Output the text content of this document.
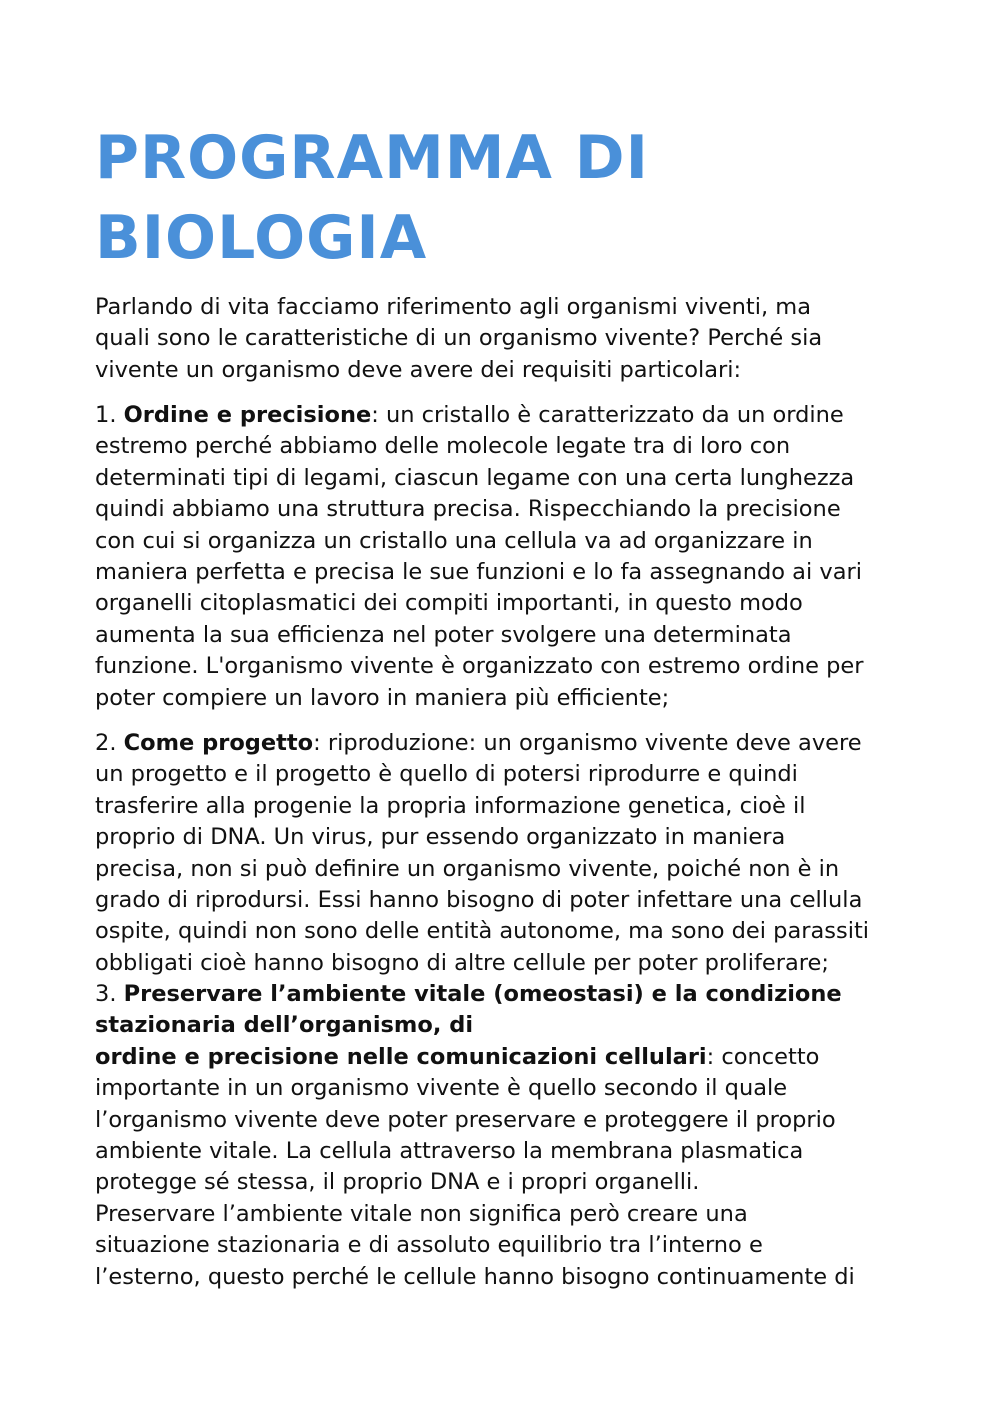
PROGRAMMA DI
BIOLOGIA
Parlando di vita facciamo riferimento agli organismi viventi, ma
quali sono le caratteristiche di un organismo vivente? Perché sia
vivente un organismo deve avere dei requisiti particolari:
1. Ordine e precisione: un cristallo è caratterizzato da un ordine
estremo perché abbiamo delle molecole legate tra di loro con
determinati tipi di legami, ciascun legame con una certa lunghezza
quindi abbiamo una struttura precisa. Rispecchiando la precisione
con cui si organizza un cristallo una cellula va ad organizzare in
maniera perfetta e precisa le sue funzioni e lo fa assegnando ai vari
organelli citoplasmatici dei compiti importanti, in questo modo
aumenta la sua efficienza nel poter svolgere una determinata
funzione. L'organismo vivente è organizzato con estremo ordine per
poter compiere un lavoro in maniera più efficiente;
2. Come progetto: riproduzione: un organismo vivente deve avere
un progetto e il progetto è quello di potersi riprodurre e quindi
trasferire alla progenie la propria informazione genetica, cioè il
proprio di DNA. Un virus, pur essendo organizzato in maniera
precisa, non si può definire un organismo vivente, poiché non è in
grado di riprodursi. Essi hanno bisogno di poter infettare una cellula
ospite, quindi non sono delle entità autonome, ma sono dei parassiti
obbligati cioè hanno bisogno di altre cellule per poter proliferare;
3. Preservare l’ambiente vitale (omeostasi) e la condizione
stazionaria dell’organismo, di
ordine e precisione nelle comunicazioni cellulari: concetto
importante in un organismo vivente è quello secondo il quale
l’organismo vivente deve poter preservare e proteggere il proprio
ambiente vitale. La cellula attraverso la membrana plasmatica
protegge sé stessa, il proprio DNA e i propri organelli.
Preservare l’ambiente vitale non significa però creare una
situazione stazionaria e di assoluto equilibrio tra l’interno e
l’esterno, questo perché le cellule hanno bisogno continuamente di
